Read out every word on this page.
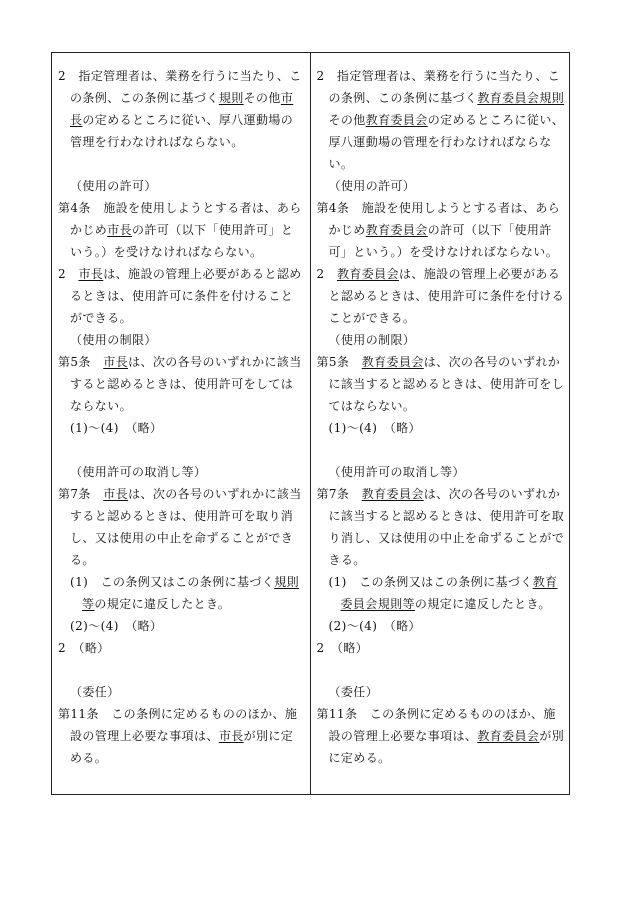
2　指定管理者は、業務を行うに当たり、この条例、この条例に基づく規則その他市長の定めるところに従い、厚八運動場の管理を行わなければならない。
（使用の許可）
第4条　施設を使用しようとする者は、あらかじめ市長の許可（以下「使用許可」という。）を受けなければならない。
2　市長は、施設の管理上必要があると認めるときは、使用許可に条件を付けることができる。
（使用の制限）
第5条　市長は、次の各号のいずれかに該当すると認めるときは、使用許可をしてはならない。
(1)～(4)　（略）
（使用許可の取消し等）
第7条　市長は、次の各号のいずれかに該当すると認めるときは、使用許可を取り消し、又は使用の中止を命ずることができる。
(1)　この条例又はこの条例に基づく規則等の規定に違反したとき。
(2)～(4)　（略）
2　（略）
（委任）
第11条　この条例に定めるもののほか、施設の管理上必要な事項は、市長が別に定める。
2　指定管理者は、業務を行うに当たり、この条例、この条例に基づく教育委員会規則その他教育委員会の定めるところに従い、厚八運動場の管理を行わなければならない。
（使用の許可）
第4条　施設を使用しようとする者は、あらかじめ教育委員会の許可（以下「使用許可」という。）を受けなければならない。
2　教育委員会は、施設の管理上必要があると認めるときは、使用許可に条件を付けることができる。
（使用の制限）
第5条　教育委員会は、次の各号のいずれかに該当すると認めるときは、使用許可をしてはならない。
(1)～(4)　（略）
（使用許可の取消し等）
第7条　教育委員会は、次の各号のいずれかに該当すると認めるときは、使用許可を取り消し、又は使用の中止を命ずることができる。
(1)　この条例又はこの条例に基づく教育委員会規則等の規定に違反したとき。
(2)～(4)　（略）
2　（略）
（委任）
第11条　この条例に定めるもののほか、施設の管理上必要な事項は、教育委員会が別に定める。
